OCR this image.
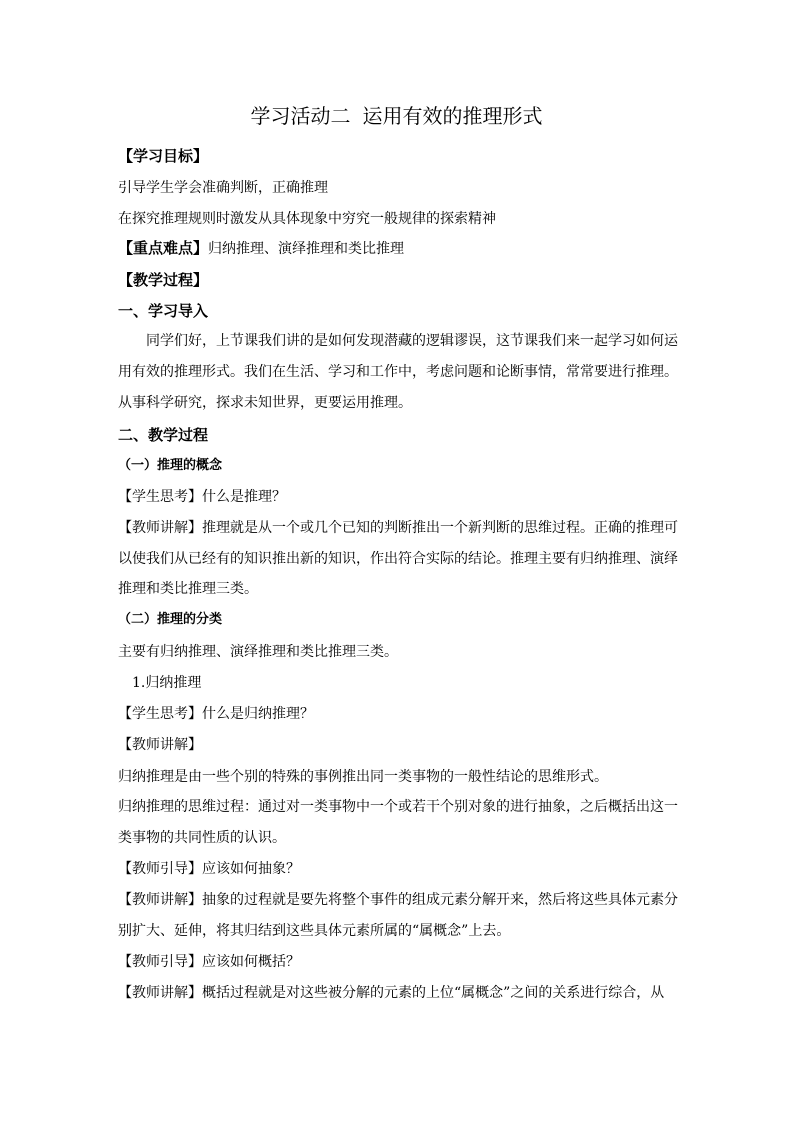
学习活动二 运用有效的推理形式
【学习目标】
引导学生学会准确判断，正确推理
在探究推理规则时激发从具体现象中穷究一般规律的探索精神
【重点难点】归纳推理、演绎推理和类比推理
【教学过程】
一、学习导入
同学们好，上节课我们讲的是如何发现潜藏的逻辑谬误，这节课我们来一起学习如何运
用有效的推理形式。我们在生活、学习和工作中，考虑问题和论断事情，常常要进行推理。
从事科学研究，探求未知世界，更要运用推理。
二、教学过程
（一）推理的概念
【学生思考】什么是推理？
【教师讲解】推理就是从一个或几个已知的判断推出一个新判断的思维过程。正确的推理可
以使我们从已经有的知识推出新的知识，作出符合实际的结论。推理主要有归纳推理、演绎
推理和类比推理三类。
（二）推理的分类
主要有归纳推理、演绎推理和类比推理三类。
1.归纳推理
【学生思考】什么是归纳推理？
【教师讲解】
归纳推理是由一些个别的特殊的事例推出同一类事物的一般性结论的思维形式。
归纳推理的思维过程：通过对一类事物中一个或若干个别对象的进行抽象，之后概括出这一
类事物的共同性质的认识。
【教师引导】应该如何抽象？
【教师讲解】抽象的过程就是要先将整个事件的组成元素分解开来，然后将这些具体元素分
别扩大、延伸，将其归结到这些具体元素所属的“属概念”上去。
【教师引导】应该如何概括？
【教师讲解】概括过程就是对这些被分解的元素的上位“属概念”之间的关系进行综合，从
